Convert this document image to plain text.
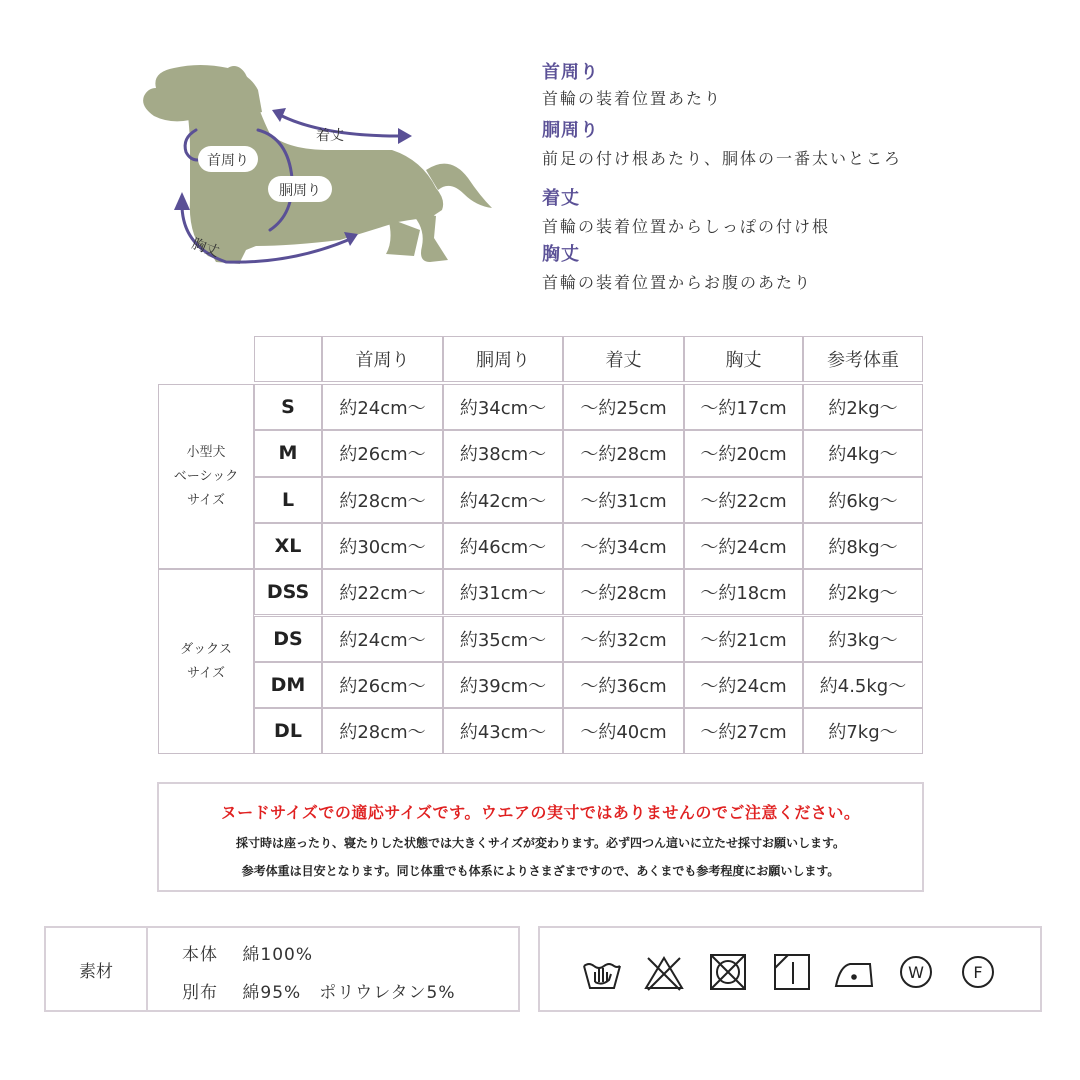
首周り
着丈
胴周り
胸丈
首周り
首輪の装着位置あたり
胴周り
前足の付け根あたり、胴体の一番太いところ
着丈
首輪の装着位置からしっぽの付け根
胸丈
首輪の装着位置からお腹のあたり
首周り	胴周り	着丈	胸丈	参考体重
小型犬
ベーシック
サイズ
S	約24cm〜	約34cm〜	〜約25cm	〜約17cm	約2kg〜
M	約26cm〜	約38cm〜	〜約28cm	〜約20cm	約4kg〜
L	約28cm〜	約42cm〜	〜約31cm	〜約22cm	約6kg〜
XL	約30cm〜	約46cm〜	〜約34cm	〜約24cm	約8kg〜
ダックス
サイズ
DSS	約22cm〜	約31cm〜	〜約28cm	〜約18cm	約2kg〜
DS	約24cm〜	約35cm〜	〜約32cm	〜約21cm	約3kg〜
DM	約26cm〜	約39cm〜	〜約36cm	〜約24cm	約4.5kg〜
DL	約28cm〜	約43cm〜	〜約40cm	〜約27cm	約7kg〜
ヌードサイズでの適応サイズです。ウエアの実寸ではありませんのでご注意ください。
採寸時は座ったり、寝たりした状態では大きくサイズが変わります。必ず四つん這いに立たせ採寸お願いします。
参考体重は目安となります。同じ体重でも体系によりさまざまですので、あくまでも参考程度にお願いします。
素材
本体 綿100%
別布 綿95%　ポリウレタン5%
W	F
